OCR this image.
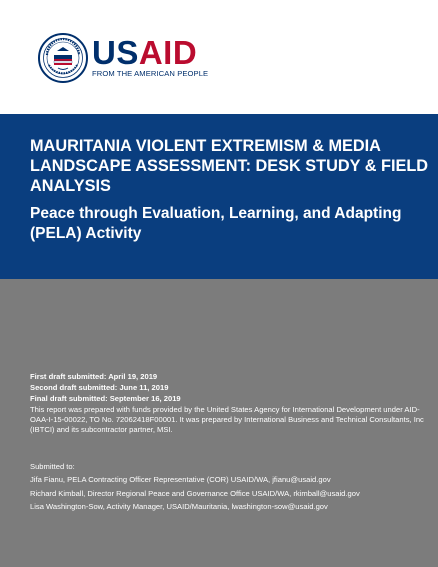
USAID
FROM THE AMERICAN PEOPLE
MAURITANIA VIOLENT EXTREMISM & MEDIA LANDSCAPE ASSESSMENT: DESK STUDY & FIELD ANALYSIS
Peace through Evaluation, Learning, and Adapting (PELA) Activity
First draft submitted: April 19, 2019
Second draft submitted: June 11, 2019
Final draft submitted: September 16, 2019
This report was prepared with funds provided by the United States Agency for International Development under AID-OAA-I-15-00022, TO No. 72062418F00001. It was prepared by International Business and Technical Consultants, Inc (IBTCI) and its subcontractor partner, MSI.
Submitted to:
Jifa Fianu, PELA Contracting Officer Representative (COR) USAID/WA, jfianu@usaid.gov
Richard Kimball, Director Regional Peace and Governance Office USAID/WA, rkimball@usaid.gov
Lisa Washington-Sow, Activity Manager, USAID/Mauritania, lwashington-sow@usaid.gov
